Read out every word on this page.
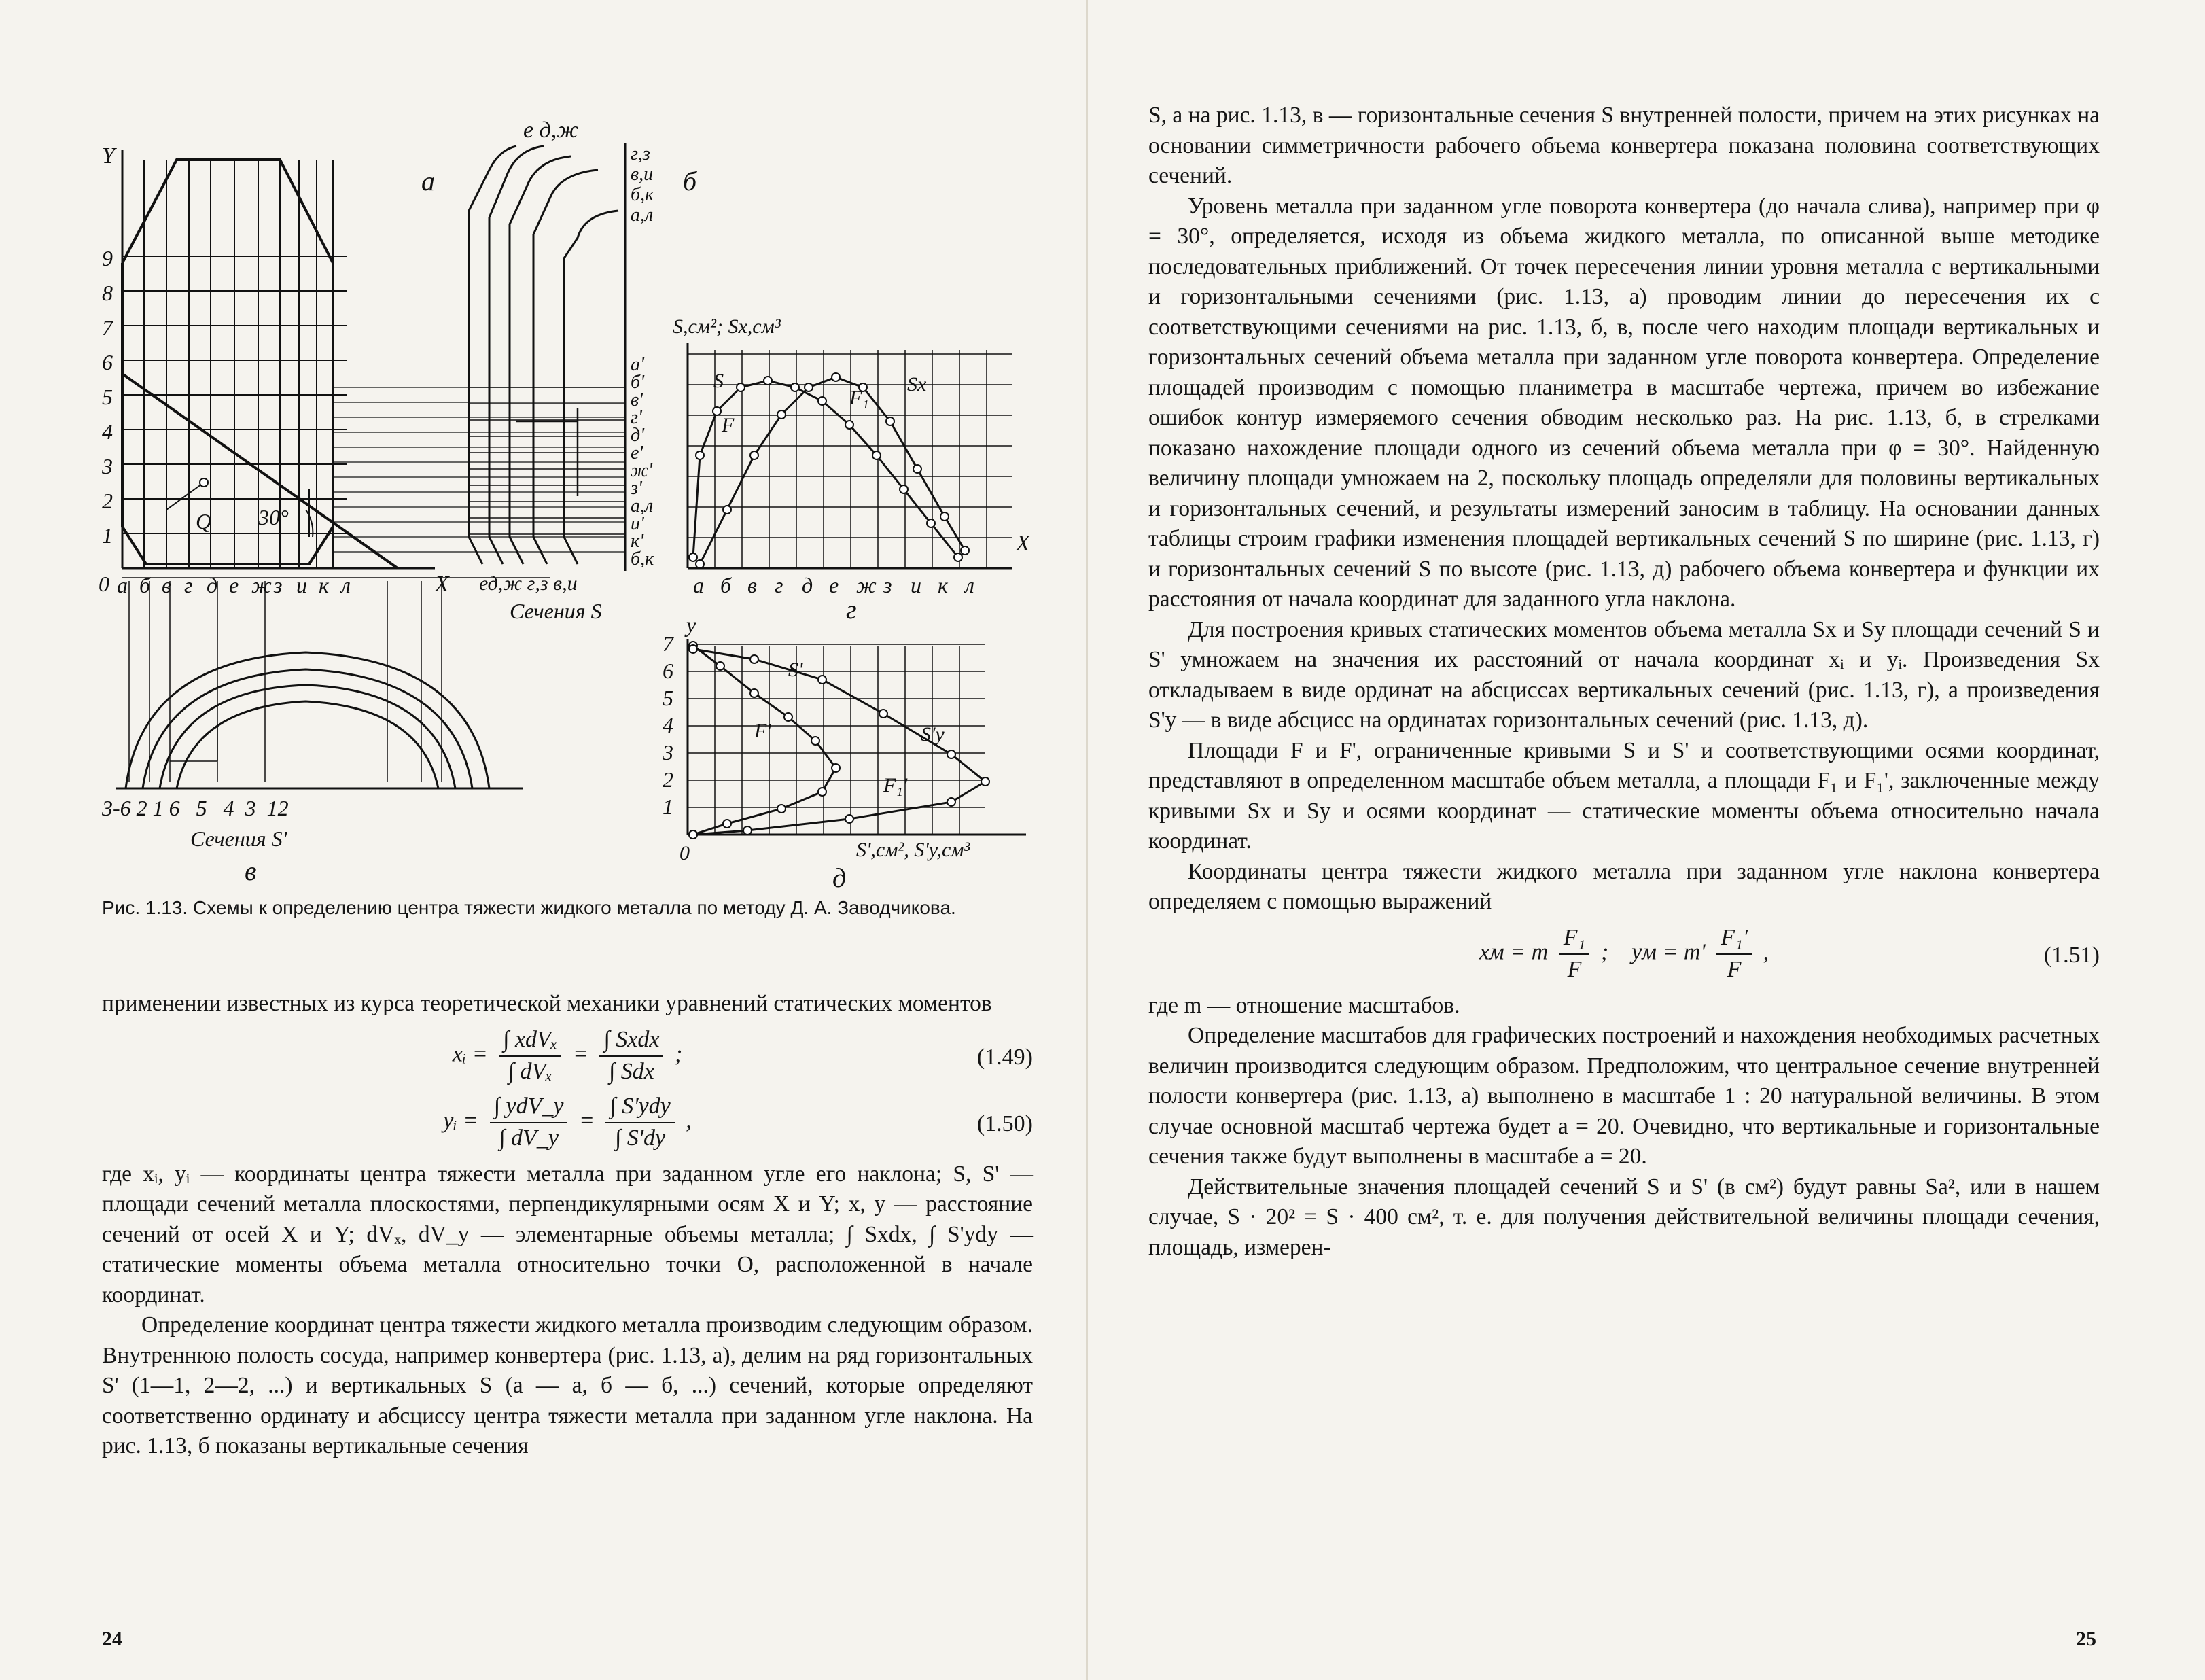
а	б
в
г
д
Y
X
0
30°
Q
1
2
3
4
5
6
7
8
9
а б в г д е ж з и к л
е д,ж
г,з
в,и
б,к
а,л
а'
б'
в'
г'
д'
е'
ж'
з'
а,л
и'
к'
б,к
ед,ж г,з в,и
Сечения S
3-6 2 1 6   5   4  3  12
Сечения S'
S,см²; Sx,см³
X
а б в г д е ж з и к л
S
F
F₁
Sx
y
0
1
2
3
4
5
6
7
S'
F'	S'y
F₁'
S',см², S'y,см³
Рис. 1.13. Схемы к определению центра тяжести жидкого металла по методу Д. А. Заводчикова.

применении известных из курса теоретической механики уравнений статических моментов

xᵢ = $\frac{\text{∫ xdVₓ}}{\text{∫ dVₓ}} = \frac{\text{∫ Sxdx}}{\text{∫ Sdx}}$ ;	(1.49)
yᵢ = $\frac{\text{∫ ydV\_y}}{\int dV\_y} = \frac{\text{∫ S'ydy}}{\int S'dy}$ ,	(1.50)

где xᵢ, yᵢ — координаты центра тяжести металла при заданном угле его наклона; S, S' — площади сечений металла плоскостями, перпендикулярными осям X и Y; x, y — расстояние сечений от осей X и Y; dVₓ, dV_y — элементарные объемы металла; ∫ Sxdx, ∫ S'ydy — статические моменты объема металла относительно точки O, расположенной в начале координат.

Определение координат центра тяжести жидкого металла производим следующим образом. Внутреннюю полость сосуда, например конвертера (рис. 1.13, а), делим на ряд горизонтальных S' (1—1, 2—2, ...) и вертикальных S (а — а, б — б, ...) сечений, которые определяют соответственно ординату и абсциссу центра тяжести металла при заданном угле наклона. На рис. 1.13, б показаны вертикальные сечения

24

S, а на рис. 1.13, в — горизонтальные сечения S внутренней полости, причем на этих рисунках на основании симметричности рабочего объема конвертера показана половина соответствующих сечений.

Уровень металла при заданном угле поворота конвертера (до начала слива), например при φ = 30°, определяется, исходя из объема жидкого металла, по описанной выше методике последовательных приближений. От точек пересечения линии уровня металла с вертикальными и горизонтальными сечениями (рис. 1.13, а) проводим линии до пересечения их с соответствующими сечениями на рис. 1.13, б, в, после чего находим площади вертикальных и горизонтальных сечений объема металла при заданном угле поворота конвертера. Определение площадей производим с помощью планиметра в масштабе чертежа, причем во избежание ошибок контур измеряемого сечения обводим несколько раз. На рис. 1.13, б, в стрелками показано нахождение площади одного из сечений объема металла при φ = 30°. Найденную величину площади умножаем на 2, поскольку площадь определяли для половины вертикальных и горизонтальных сечений, и результаты измерений заносим в таблицу. На основании данных таблицы строим графики изменения площадей вертикальных сечений S по ширине (рис. 1.13, г) и горизонтальных сечений S по высоте (рис. 1.13, д) рабочего объема конвертера и функции их расстояния от начала координат для заданного угла наклона.

Для построения кривых статических моментов объема металла Sx и Sy площади сечений S и S' умножаем на значения их расстояний от начала координат xᵢ и yᵢ. Произведения Sx откладываем в виде ординат на абсциссах вертикальных сечений (рис. 1.13, г), а произведения S'y — в виде абсцисс на ординатах горизонтальных сечений (рис. 1.13, д).

Площади F и F', ограниченные кривыми S и S' и соответствующими осями координат, представляют в определенном масштабе объем металла, а площади F₁ и F₁', заключенные между кривыми Sx и Sy и осями координат — статические моменты объема относительно начала координат.

Координаты центра тяжести жидкого металла при заданном угле наклона конвертера определяем с помощью выражений

xм = m $\frac{\text{F₁}}{F}$ ; yм = $m' \frac{\text{F₁'}}{F}$ ,	(1.51)

где m — отношение масштабов.

Определение масштабов для графических построений и нахождения необходимых расчетных величин производится следующим образом. Предположим, что центральное сечение внутренней полости конвертера (рис. 1.13, а) выполнено в масштабе 1 : 20 натуральной величины. В этом случае основной масштаб чертежа будет а = 20. Очевидно, что вертикальные и горизонтальные сечения также будут выполнены в масштабе а = 20.

Действительные значения площадей сечений S и S' (в см²) будут равны Sа², или в нашем случае, S · 20² = S · 400 см², т. е. для получения действительной величины площади сечения, площадь, измерен-

25
